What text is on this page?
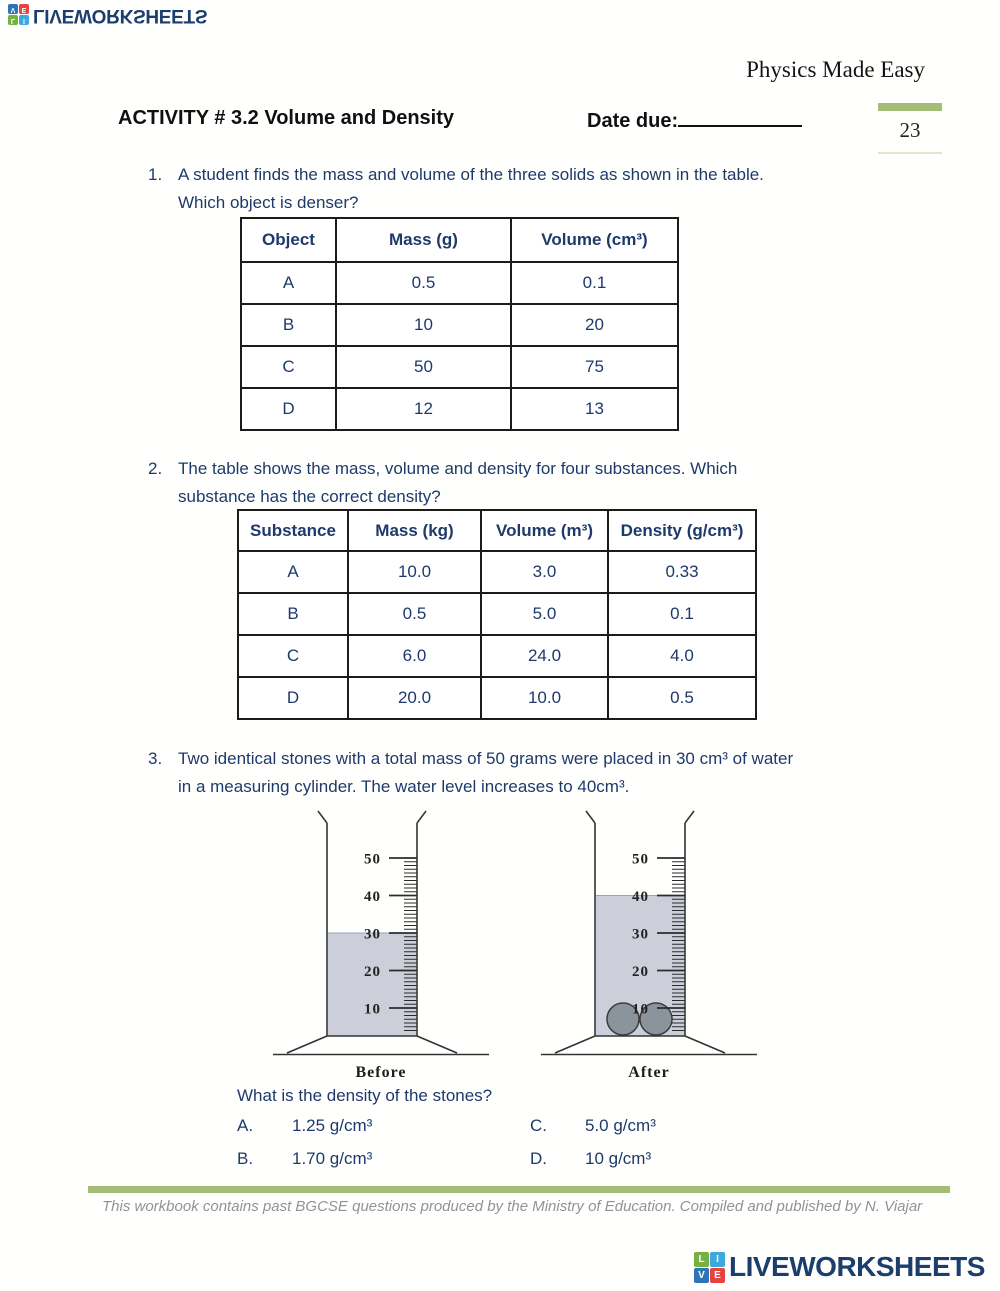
L	I
V E LIVEWORKSHEETS
Physics Made Easy
ACTIVITY # 3.2 Volume and Density	Date due:	23
1. A student finds the mass and volume of the three solids as shown in the table.
Which object is denser?
Object	Mass (g)	Volume (cm³)
A	0.5	0.1
B	10	20
C	50	75
D	12	13
2. The table shows the mass, volume and density for four substances. Which
substance has the correct density?
Substance	Mass (kg)	Volume (m³)	Density (g/cm³)
A	10.0	3.0	0.33
B	0.5	5.0	0.1
C	6.0	24.0	4.0
D	20.0	10.0	0.5
3. Two identical stones with a total mass of 50 grams were placed in 30 cm³ of water
in a measuring cylinder. The water level increases to 40cm³.
50
40
30
20
10
Before
50
40
30
20
10
After
What is the density of the stones?
A. 1.25 g/cm³	C. 5.0 g/cm³
B. 1.70 g/cm³	D. 10 g/cm³
This workbook contains past BGCSE questions produced by the Ministry of Education. Compiled and published by N. Viajar
L	I
V E LIVEWORKSHEETS
